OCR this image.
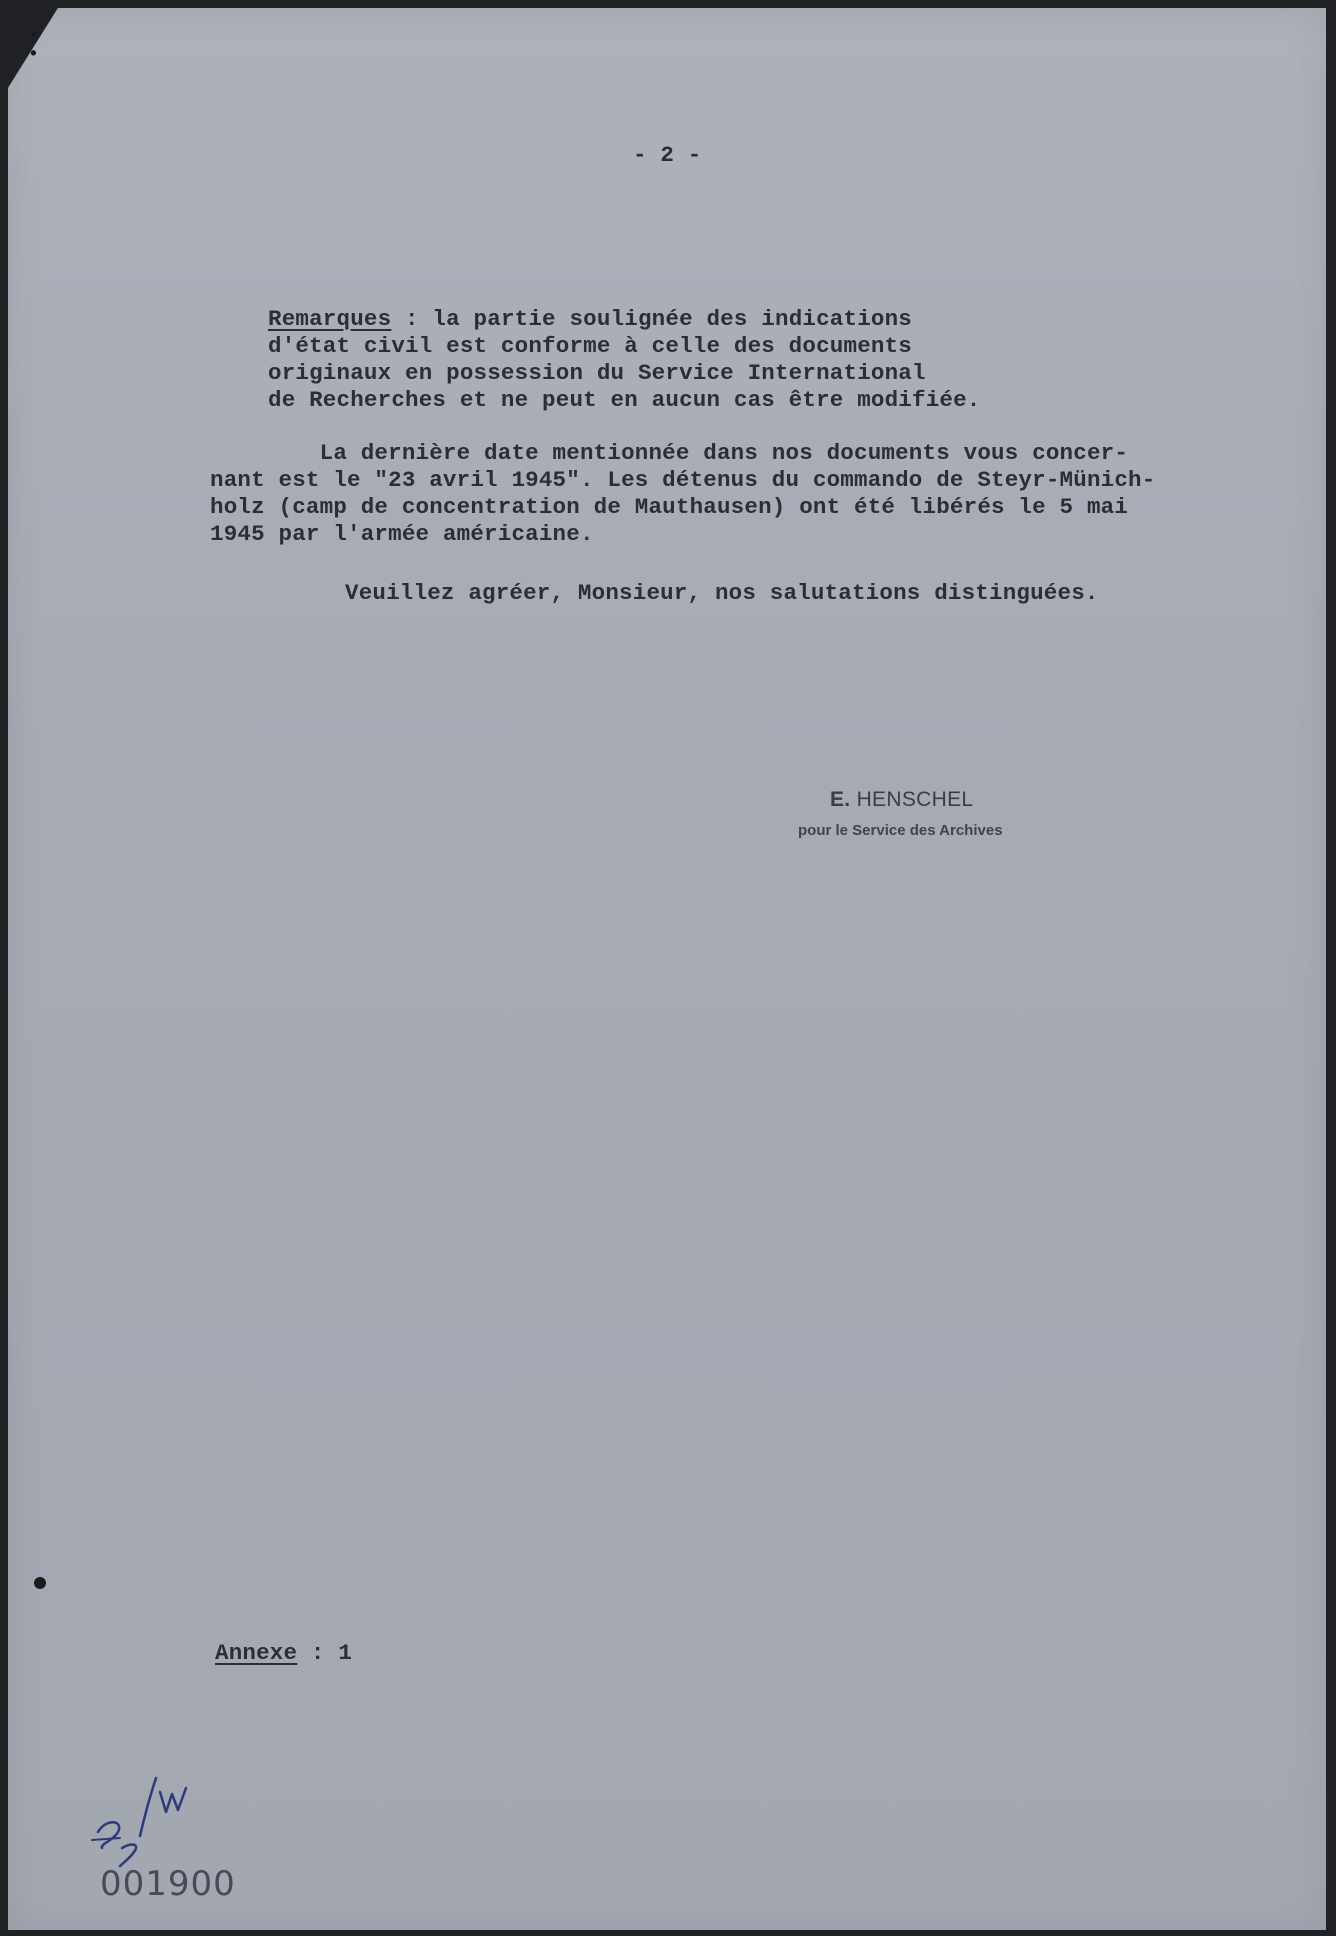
⋅
•
- 2 -
Remarques : la partie soulignée des indications
d'état civil est conforme à celle des documents
originaux en possession du Service International
de Recherches et ne peut en aucun cas être modifiée.
La dernière date mentionnée dans nos documents vous concer-
nant est le "23 avril 1945". Les détenus du commando de Steyr-Münich-
holz (camp de concentration de Mauthausen) ont été libérés le 5 mai
1945 par l'armée américaine.
Veuillez agréer, Monsieur, nos salutations distinguées.
E. HENSCHEL
pour le Service des Archives
Annexe : 1
001900
